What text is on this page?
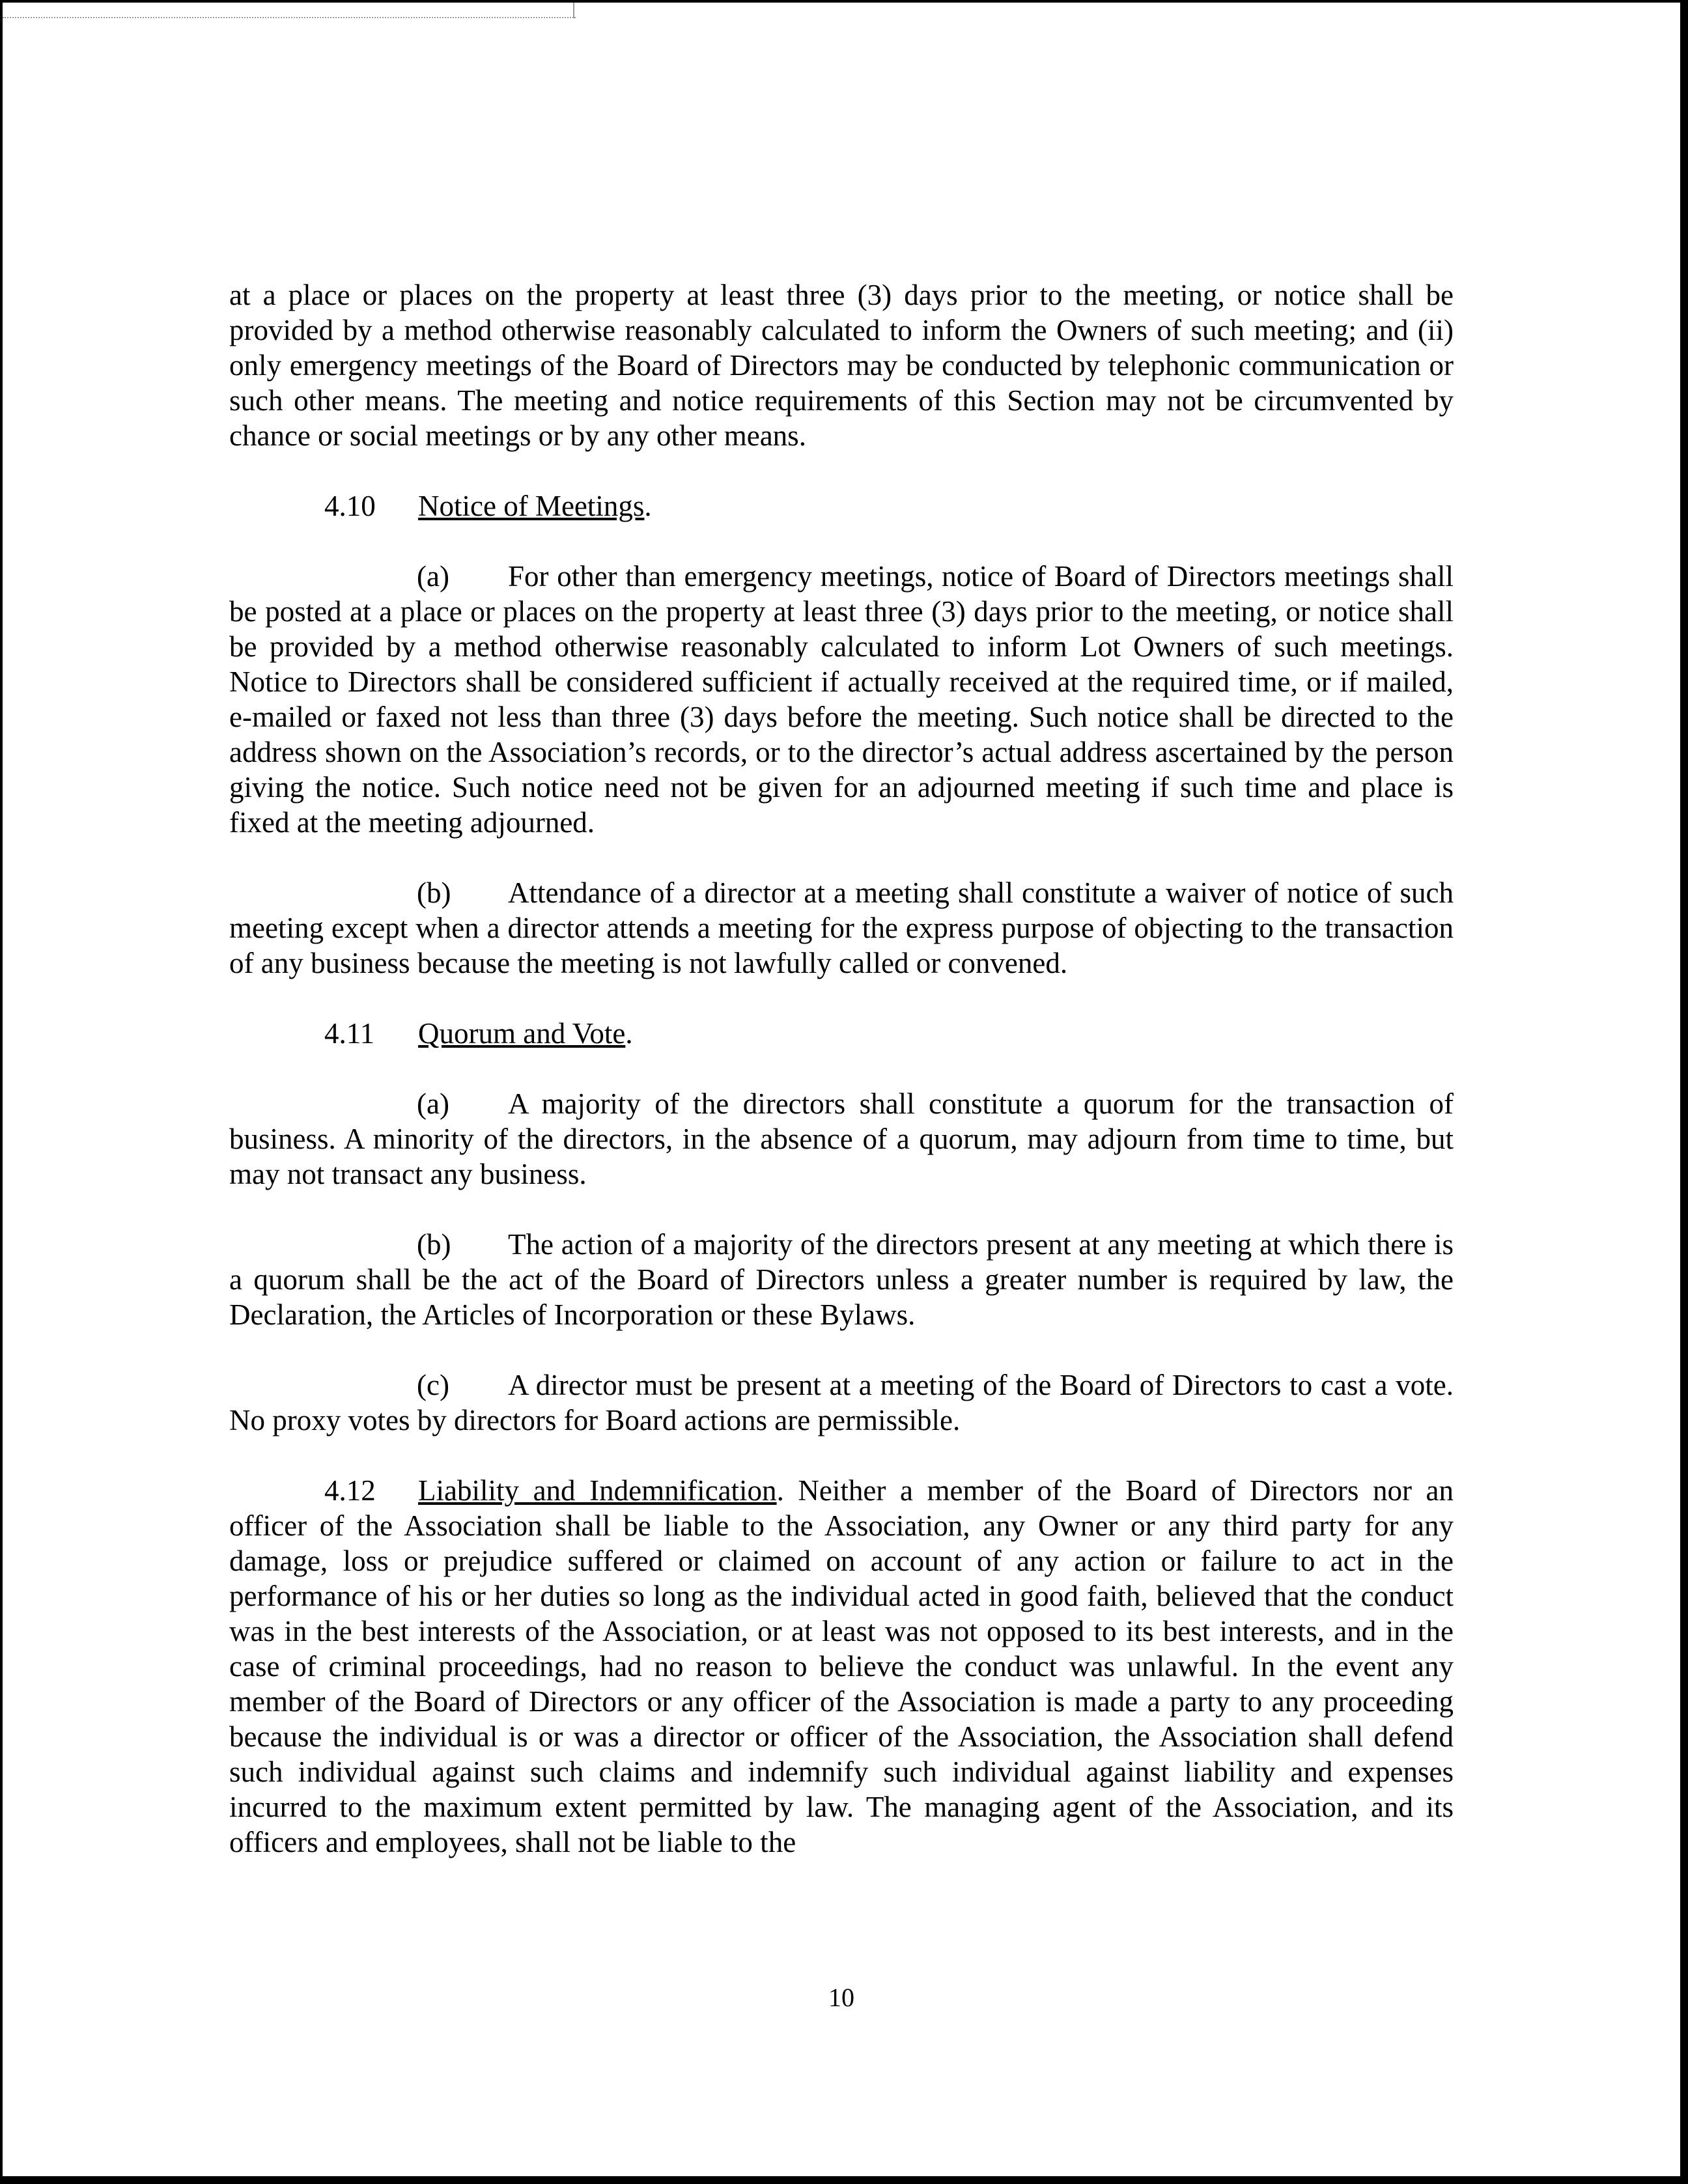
at a place or places on the property at least three (3) days prior to the meeting, or notice shall be provided by a method otherwise reasonably calculated to inform the Owners of such meeting; and (ii) only emergency meetings of the Board of Directors may be conducted by telephonic communication or such other means. The meeting and notice requirements of this Section may not be circumvented by chance or social meetings or by any other means.

4.10 Notice of Meetings.

(a) For other than emergency meetings, notice of Board of Directors meetings shall be posted at a place or places on the property at least three (3) days prior to the meeting, or notice shall be provided by a method otherwise reasonably calculated to inform Lot Owners of such meetings. Notice to Directors shall be considered sufficient if actually received at the required time, or if mailed, e-mailed or faxed not less than three (3) days before the meeting. Such notice shall be directed to the address shown on the Association’s records, or to the director’s actual address ascertained by the person giving the notice. Such notice need not be given for an adjourned meeting if such time and place is fixed at the meeting adjourned.

(b) Attendance of a director at a meeting shall constitute a waiver of notice of such meeting except when a director attends a meeting for the express purpose of objecting to the transaction of any business because the meeting is not lawfully called or convened.

4.11 Quorum and Vote.

(a) A majority of the directors shall constitute a quorum for the transaction of business. A minority of the directors, in the absence of a quorum, may adjourn from time to time, but may not transact any business.

(b) The action of a majority of the directors present at any meeting at which there is a quorum shall be the act of the Board of Directors unless a greater number is required by law, the Declaration, the Articles of Incorporation or these Bylaws.

(c) A director must be present at a meeting of the Board of Directors to cast a vote. No proxy votes by directors for Board actions are permissible.

4.12 Liability and Indemnification. Neither a member of the Board of Directors nor an officer of the Association shall be liable to the Association, any Owner or any third party for any damage, loss or prejudice suffered or claimed on account of any action or failure to act in the performance of his or her duties so long as the individual acted in good faith, believed that the conduct was in the best interests of the Association, or at least was not opposed to its best interests, and in the case of criminal proceedings, had no reason to believe the conduct was unlawful. In the event any member of the Board of Directors or any officer of the Association is made a party to any proceeding because the individual is or was a director or officer of the Association, the Association shall defend such individual against such claims and indemnify such individual against liability and expenses incurred to the maximum extent permitted by law. The managing agent of the Association, and its officers and employees, shall not be liable to the

10
